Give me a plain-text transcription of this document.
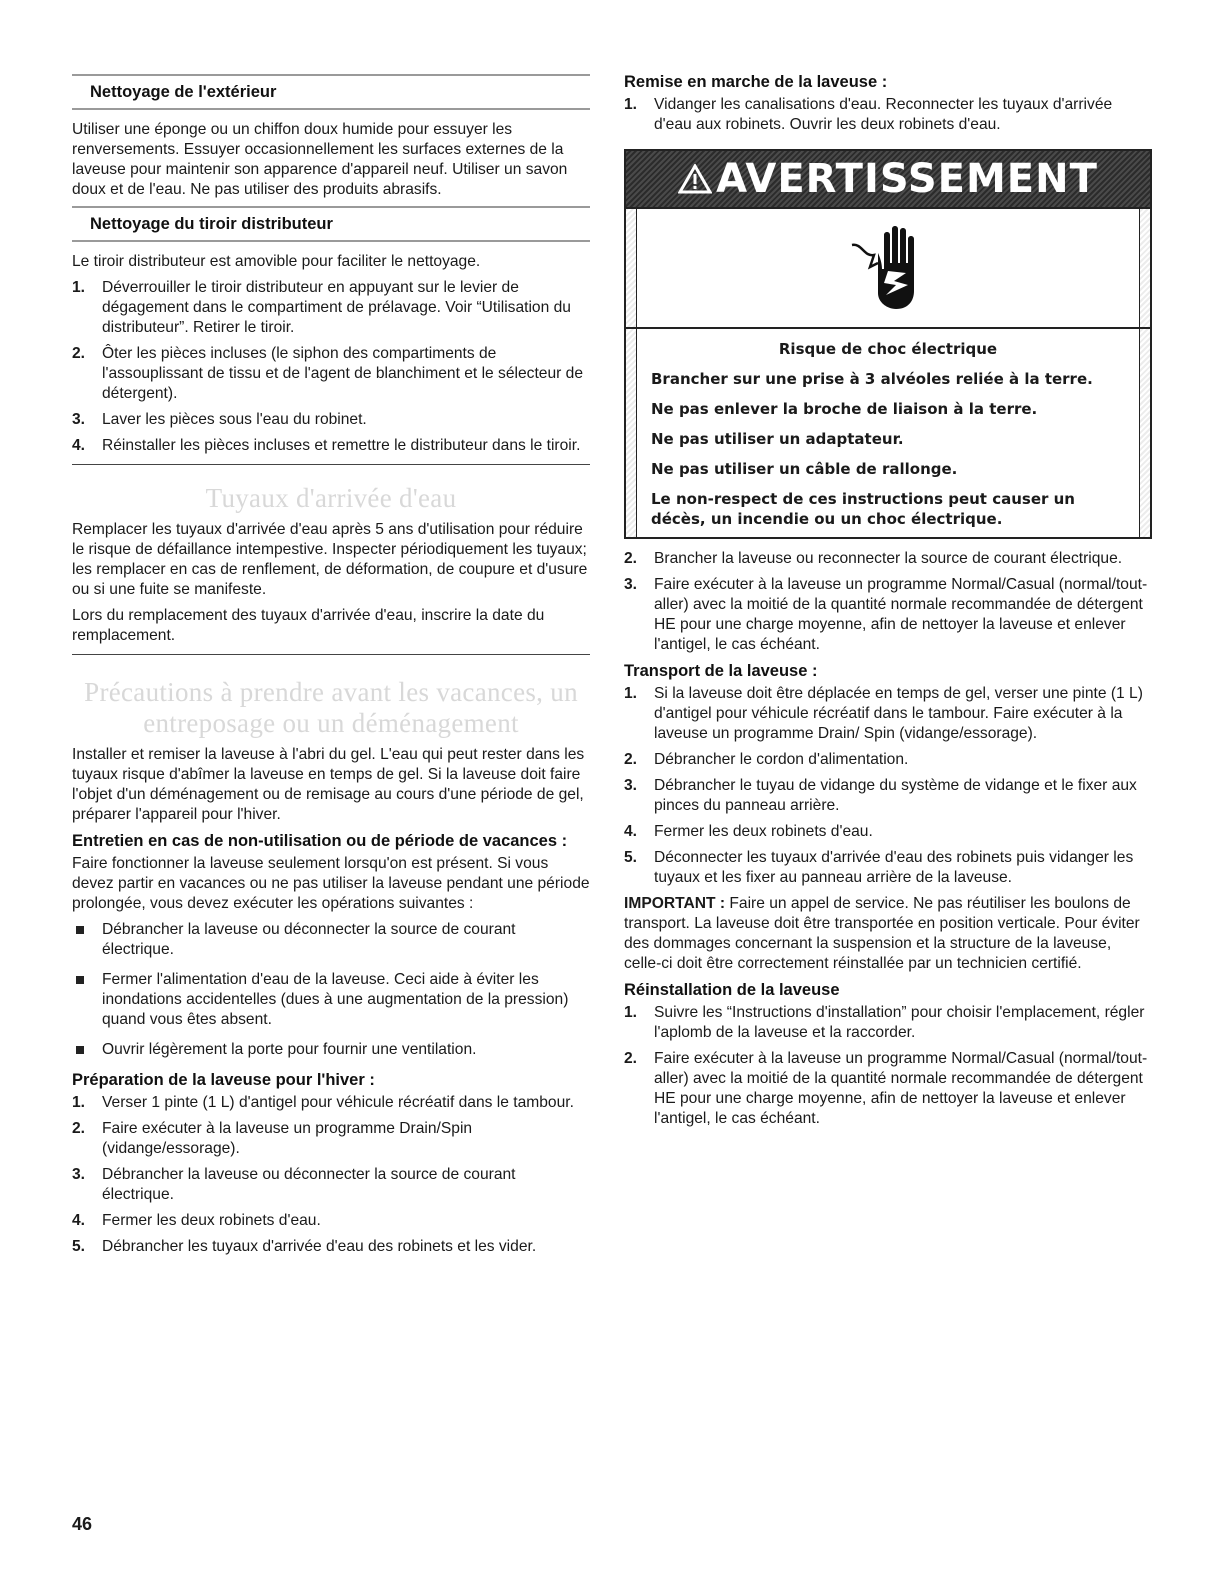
Nettoyage de l'extérieur

Utiliser une éponge ou un chiffon doux humide pour essuyer les renversements. Essuyer occasionnellement les surfaces externes de la laveuse pour maintenir son apparence d'appareil neuf. Utiliser un savon doux et de l'eau. Ne pas utiliser des produits abrasifs.

Nettoyage du tiroir distributeur

Le tiroir distributeur est amovible pour faciliter le nettoyage.

1. Déverrouiller le tiroir distributeur en appuyant sur le levier de dégagement dans le compartiment de prélavage. Voir “Utilisation du distributeur”. Retirer le tiroir.
2. Ôter les pièces incluses (le siphon des compartiments de l'assouplissant de tissu et de l'agent de blanchiment et le sélecteur de détergent).
3. Laver les pièces sous l'eau du robinet.
4. Réinstaller les pièces incluses et remettre le distributeur dans le tiroir.
Tuyaux d'arrivée d'eau

Remplacer les tuyaux d'arrivée d'eau après 5 ans d'utilisation pour réduire le risque de défaillance intempestive. Inspecter périodiquement les tuyaux; les remplacer en cas de renflement, de déformation, de coupure et d'usure ou si une fuite se manifeste.

Lors du remplacement des tuyaux d'arrivée d'eau, inscrire la date du remplacement.

Précautions à prendre avant les vacances, un
entreposage ou un déménagement

Installer et remiser la laveuse à l'abri du gel. L'eau qui peut rester dans les tuyaux risque d'abîmer la laveuse en temps de gel. Si la laveuse doit faire l'objet d'un déménagement ou de remisage au cours d'une période de gel, préparer l'appareil pour l'hiver.

Entretien en cas de non-utilisation ou de période de vacances :

Faire fonctionner la laveuse seulement lorsqu'on est présent. Si vous devez partir en vacances ou ne pas utiliser la laveuse pendant une période prolongée, vous devez exécuter les opérations suivantes :

Débrancher la laveuse ou déconnecter la source de courant électrique.
Fermer l'alimentation d'eau de la laveuse. Ceci aide à éviter les inondations accidentelles (dues à une augmentation de la pression) quand vous êtes absent.
Ouvrir légèrement la porte pour fournir une ventilation.
Préparation de la laveuse pour l'hiver :
1. Verser 1 pinte (1 L) d'antigel pour véhicule récréatif dans le tambour.
2. Faire exécuter à la laveuse un programme Drain/Spin (vidange/essorage).
3. Débrancher la laveuse ou déconnecter la source de courant électrique.
4. Fermer les deux robinets d'eau.
5. Débrancher les tuyaux d'arrivée d'eau des robinets et les vider.
Remise en marche de la laveuse :
1. Vidanger les canalisations d'eau. Reconnecter les tuyaux d'arrivée d'eau aux robinets. Ouvrir les deux robinets d'eau.
AVERTISSEMENT
Risque de choc électrique
Brancher sur une prise à 3 alvéoles reliée à la terre.
Ne pas enlever la broche de liaison à la terre.
Ne pas utiliser un adaptateur.
Ne pas utiliser un câble de rallonge.
Le non-respect de ces instructions peut causer un décès, un incendie ou un choc électrique.
2. Brancher la laveuse ou reconnecter la source de courant électrique.
3. Faire exécuter à la laveuse un programme Normal/Casual (normal/tout-aller) avec la moitié de la quantité normale recommandée de détergent HE pour une charge moyenne, afin de nettoyer la laveuse et enlever l'antigel, le cas échéant.
Transport de la laveuse :
1. Si la laveuse doit être déplacée en temps de gel, verser une pinte (1 L) d'antigel pour véhicule récréatif dans le tambour. Faire exécuter à la laveuse un programme Drain/ Spin (vidange/essorage).
2. Débrancher le cordon d'alimentation.
3. Débrancher le tuyau de vidange du système de vidange et le fixer aux pinces du panneau arrière.
4. Fermer les deux robinets d'eau.
5. Déconnecter les tuyaux d'arrivée d'eau des robinets puis vidanger les tuyaux et les fixer au panneau arrière de la laveuse.

IMPORTANT : Faire un appel de service. Ne pas réutiliser les boulons de transport. La laveuse doit être transportée en position verticale. Pour éviter des dommages concernant la suspension et la structure de la laveuse, celle-ci doit être correctement réinstallée par un technicien certifié.

Réinstallation de la laveuse
1. Suivre les “Instructions d'installation” pour choisir l'emplacement, régler l'aplomb de la laveuse et la raccorder.
2. Faire exécuter à la laveuse un programme Normal/Casual (normal/tout-aller) avec la moitié de la quantité normale recommandée de détergent HE pour une charge moyenne, afin de nettoyer la laveuse et enlever l'antigel, le cas échéant.
46
